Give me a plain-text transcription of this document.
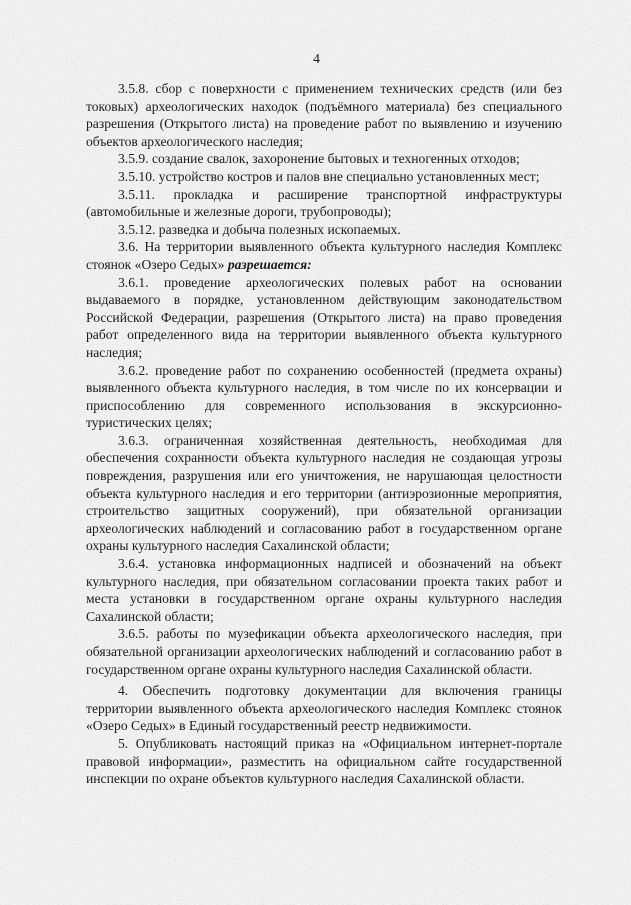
4

3.5.8. сбор с поверхности с применением технических средств (или без токовых) археологических находок (подъёмного материала) без специального разрешения (Открытого листа) на проведение работ по выявлению и изучению объектов археологического наследия;

3.5.9. создание свалок, захоронение бытовых и техногенных отходов;

3.5.10. устройство костров и палов вне специально установленных мест;

3.5.11. прокладка и расширение транспортной инфраструктуры (автомобильные и железные дороги, трубопроводы);

3.5.12. разведка и добыча полезных ископаемых.

3.6. На территории выявленного объекта культурного наследия Комплекс стоянок «Озеро Седых» разрешается:

3.6.1. проведение археологических полевых работ на основании выдаваемого в порядке, установленном действующим законодательством Российской Федерации, разрешения (Открытого листа) на право проведения работ определенного вида на территории выявленного объекта культурного наследия;

3.6.2. проведение работ по сохранению особенностей (предмета охраны) выявленного объекта культурного наследия, в том числе по их консервации и приспособлению для современного использования в экскурсионно-туристических целях;

3.6.3. ограниченная хозяйственная деятельность, необходимая для обеспечения сохранности объекта культурного наследия не создающая угрозы повреждения, разрушения или его уничтожения, не нарушающая целостности объекта культурного наследия и его территории (антиэрозионные мероприятия, строительство защитных сооружений), при обязательной организации археологических наблюдений и согласованию работ в государственном органе охраны культурного наследия Сахалинской области;

3.6.4. установка информационных надписей и обозначений на объект культурного наследия, при обязательном согласовании проекта таких работ и места установки в государственном органе охраны культурного наследия Сахалинской области;

3.6.5. работы по музефикации объекта археологического наследия, при обязательной организации археологических наблюдений и согласованию работ в государственном органе охраны культурного наследия Сахалинской области.

4. Обеспечить подготовку документации для включения границы территории выявленного объекта археологического наследия Комплекс стоянок «Озеро Седых» в Единый государственный реестр недвижимости.

5. Опубликовать настоящий приказ на «Официальном интернет-портале правовой информации», разместить на официальном сайте государственной инспекции по охране объектов культурного наследия Сахалинской области.
